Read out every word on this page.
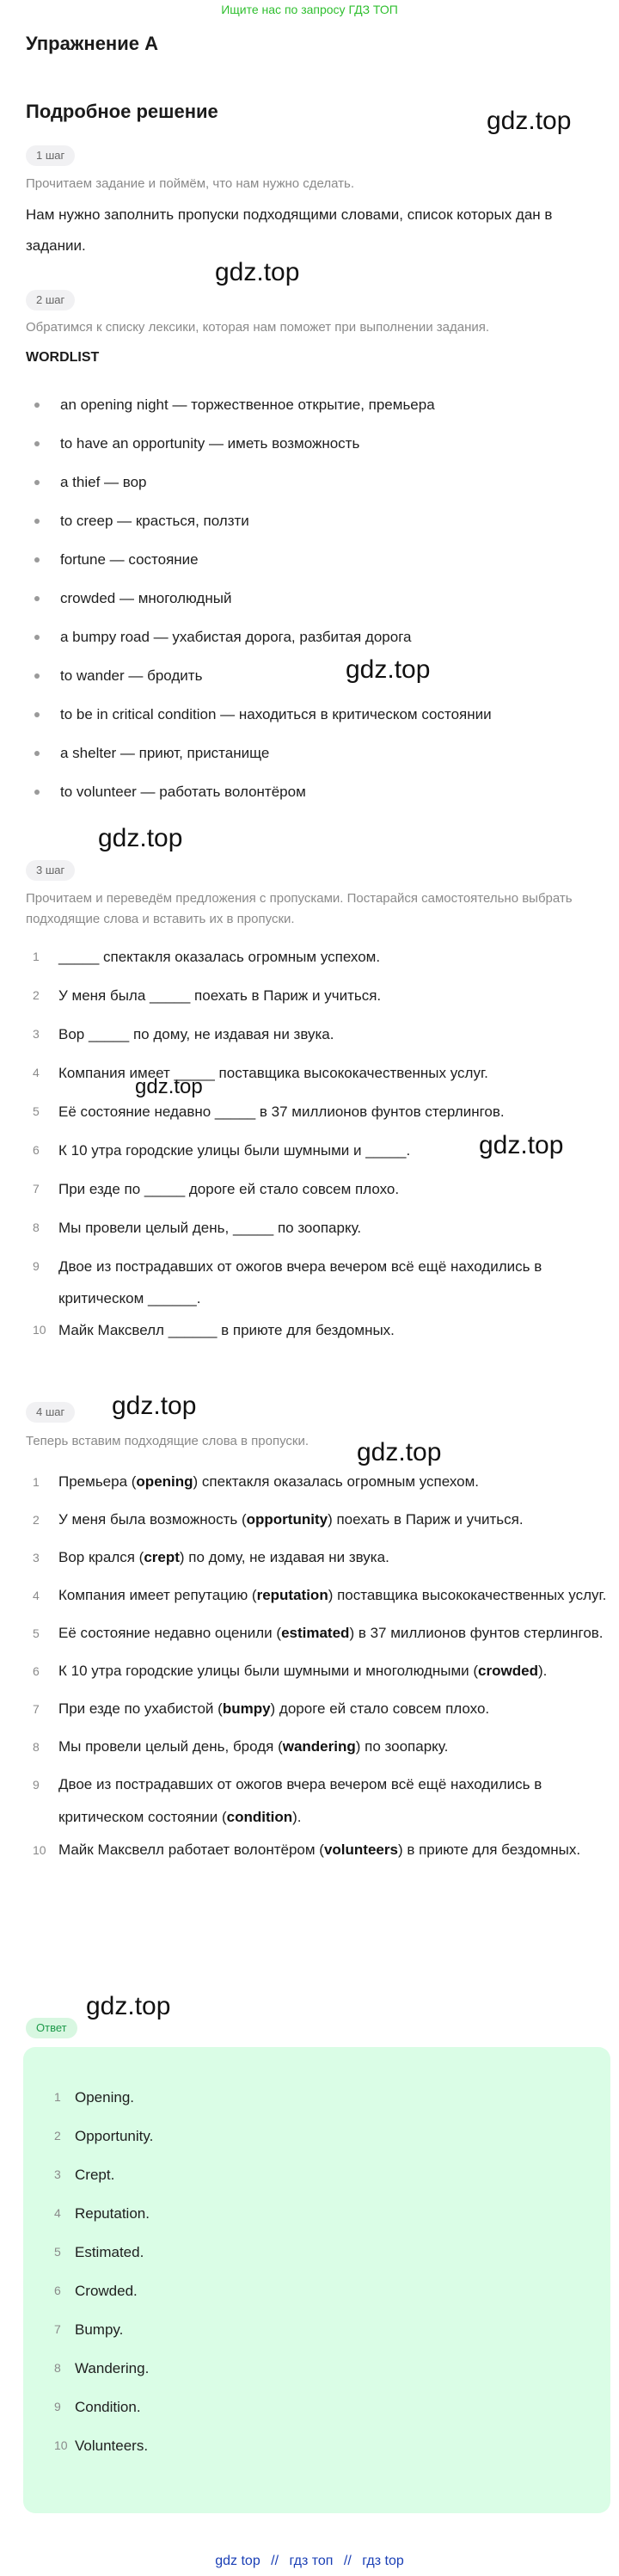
Ищите нас по запросу ГДЗ ТОП
Упражнение А
Подробное решение	gdz.top
gdz.top
gdz.top
gdz.top
gdz.top
gdz.top
gdz.top
gdz.top
gdz.top
1 шаг

Прочитаем задание и поймём, что нам нужно сделать.

Нам нужно заполнить пропуски подходящими словами, список которых дан в задании.

2 шаг

Обратимся к списку лексики, которая нам поможет при выполнении задания.

WORDLIST
an opening night — торжественное открытие, премьера
to have an opportunity — иметь возможность
a thief — вор
to creep — красться, ползти
fortune — состояние
crowded — многолюдный
a bumpy road — ухабистая дорога, разбитая дорога
to wander — бродить
to be in critical condition — находиться в критическом состоянии
a shelter — приют, пристанище
to volunteer — работать волонтёром
3 шаг

Прочитаем и переведём предложения с пропусками. Постарайся самостоятельно выбрать подходящие слова и вставить их в пропуски.

1 _____ спектакля оказалась огромным успехом.
2 У меня была _____ поехать в Париж и учиться.
3 Вор _____ по дому, не издавая ни звука.
4 Компания имеет _____ поставщика высококачественных услуг.
5 Её состояние недавно _____ в 37 миллионов фунтов стерлингов.
6 К 10 утра городские улицы были шумными и _____.
7 При езде по _____ дороге ей стало совсем плохо.
8 Мы провели целый день, _____ по зоопарку.
9 Двое из пострадавших от ожогов вчера вечером всё ещё находились в критическом ______.
10 Майк Максвелл ______ в приюте для бездомных.
4 шаг

Теперь вставим подходящие слова в пропуски.

1 Премьера (opening) спектакля оказалась огромным успехом.
2 У меня была возможность (opportunity) поехать в Париж и учиться.
3 Вор крался (crept) по дому, не издавая ни звука.
4 Компания имеет репутацию (reputation) поставщика высококачественных услуг.
5 Её состояние недавно оценили (estimated) в 37 миллионов фунтов стерлингов.
6 К 10 утра городские улицы были шумными и многолюдными (crowded).
7 При езде по ухабистой (bumpy) дороге ей стало совсем плохо.
8 Мы провели целый день, бродя (wandering) по зоопарку.
9 Двое из пострадавших от ожогов вчера вечером всё ещё находились в критическом состоянии (condition).
10 Майк Максвелл работает волонтёром (volunteers) в приюте для бездомных.
Ответ
1 Opening.
2 Opportunity.
3 Crept.
4 Reputation.
5 Estimated.
6 Crowded.
7 Bumpy.
8 Wandering.
9 Condition.
10 Volunteers.
gdz top // гдз топ // гдз top
